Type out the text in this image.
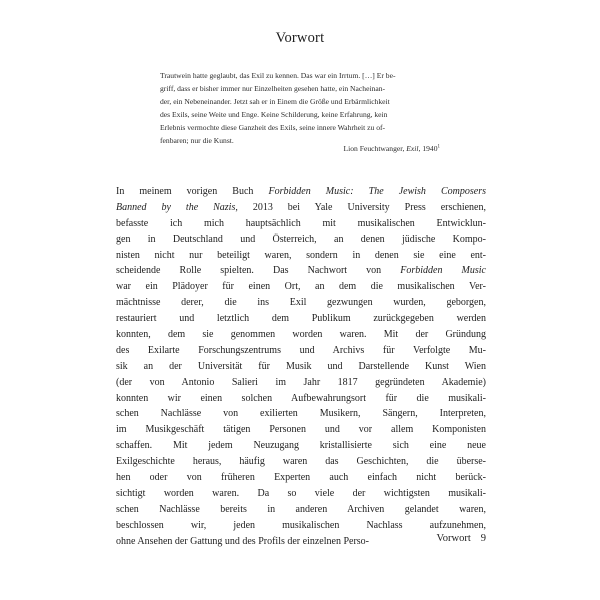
Vorwort
Trautwein hatte geglaubt, das Exil zu kennen. Das war ein Irrtum. […] Er be-
griff, dass er bisher immer nur Einzelheiten gesehen hatte, ein Nacheinan-
der, ein Nebeneinander. Jetzt sah er in Einem die Größe und Erbärmlichkeit
des Exils, seine Weite und Enge. Keine Schilderung, keine Erfahrung, kein
Erlebnis vermochte diese Ganzheit des Exils, seine innere Wahrheit zu of-
fenbaren; nur die Kunst.
Lion Feuchtwanger, Exil, 1940$^1$
In meinem vorigen Buch Forbidden Music: The Jewish Composers
Banned by the Nazis, 2013 bei Yale University Press erschienen,
befasste ich mich hauptsächlich mit musikalischen Entwicklun-
gen in Deutschland und Österreich, an denen jüdische Kompo-
nisten nicht nur beteiligt waren, sondern in denen sie eine ent-
scheidende Rolle spielten. Das Nachwort von Forbidden Music
war ein Plädoyer für einen Ort, an dem die musikalischen Ver-
mächtnisse derer, die ins Exil gezwungen wurden, geborgen,
restauriert und letztlich dem Publikum zurückgegeben werden
konnten, dem sie genommen worden waren. Mit der Gründung
des Exilarte Forschungszentrums und Archivs für Verfolgte Mu-
sik an der Universität für Musik und Darstellende Kunst Wien
(der von Antonio Salieri im Jahr 1817 gegründeten Akademie)
konnten wir einen solchen Aufbewahrungsort für die musikali-
schen Nachlässe von exilierten Musikern, Sängern, Interpreten,
im Musikgeschäft tätigen Personen und vor allem Komponisten
schaffen. Mit jedem Neuzugang kristallisierte sich eine neue
Exilgeschichte heraus, häufig waren das Geschichten, die überse-
hen oder von früheren Experten auch einfach nicht berück-
sichtigt worden waren. Da so viele der wichtigsten musikali-
schen Nachlässe bereits in anderen Archiven gelandet waren,
beschlossen wir, jeden musikalischen Nachlass aufzunehmen,
ohne Ansehen der Gattung und des Profils der einzelnen Perso-	Vorwort 9
